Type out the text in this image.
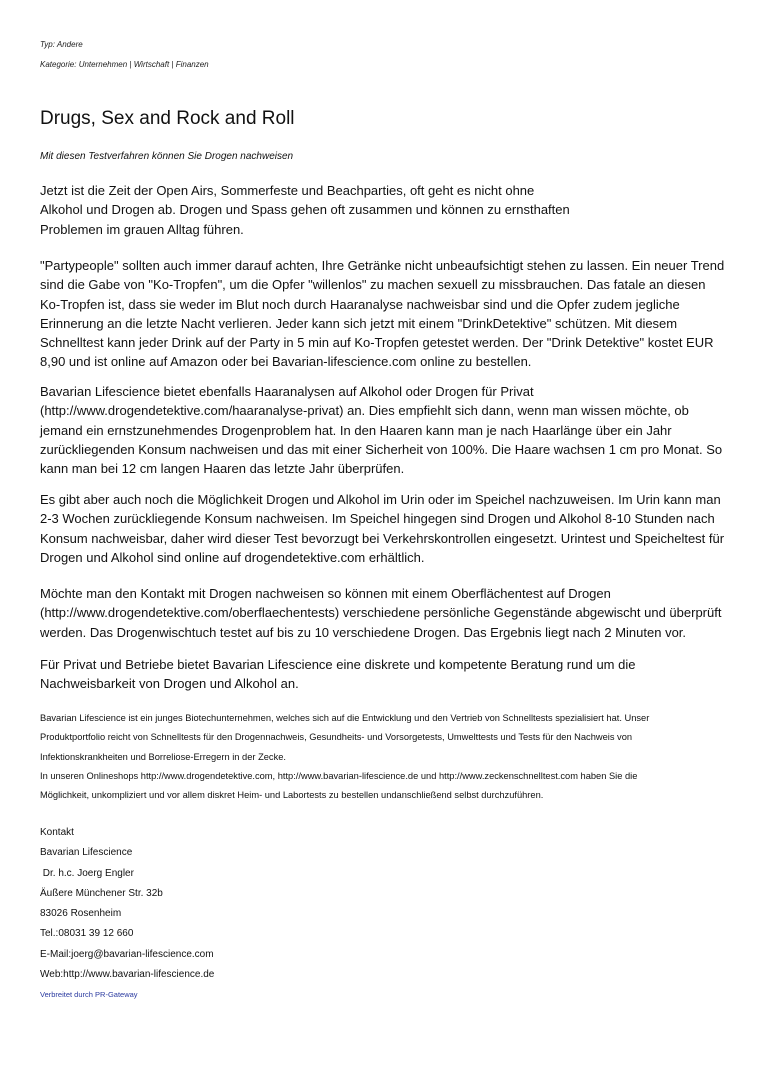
Typ: Andere
Kategorie: Unternehmen | Wirtschaft | Finanzen
Drugs, Sex and Rock and Roll
Mit diesen Testverfahren können Sie Drogen nachweisen
Jetzt ist die Zeit der Open Airs, Sommerfeste und Beachparties, oft geht es nicht ohne
Alkohol und Drogen ab. Drogen und Spass gehen oft zusammen und können zu ernsthaften
Problemen im grauen Alltag führen.
"Partypeople" sollten auch immer darauf achten, Ihre Getränke nicht unbeaufsichtigt stehen zu lassen. Ein neuer Trend
sind die Gabe von "Ko-Tropfen", um die Opfer "willenlos" zu machen sexuell zu missbrauchen. Das fatale an diesen
Ko-Tropfen ist, dass sie weder im Blut noch durch Haaranalyse nachweisbar sind und die Opfer zudem jegliche
Erinnerung an die letzte Nacht verlieren. Jeder kann sich jetzt mit einem "DrinkDetektive" schützen. Mit diesem
Schnelltest kann jeder Drink auf der Party in 5 min auf Ko-Tropfen getestet werden. Der "Drink Detektive" kostet EUR
8,90 und ist online auf Amazon oder bei Bavarian-lifescience.com online zu bestellen.
Bavarian Lifescience bietet ebenfalls Haaranalysen auf Alkohol oder Drogen für Privat
(http://www.drogendetektive.com/haaranalyse-privat) an. Dies empfiehlt sich dann, wenn man wissen möchte, ob
jemand ein ernstzunehmendes Drogenproblem hat. In den Haaren kann man je nach Haarlänge über ein Jahr
zurückliegenden Konsum nachweisen und das mit einer Sicherheit von 100%. Die Haare wachsen 1 cm pro Monat. So
kann man bei 12 cm langen Haaren das letzte Jahr überprüfen.
Es gibt aber auch noch die Möglichkeit Drogen und Alkohol im Urin oder im Speichel nachzuweisen. Im Urin kann man
2-3 Wochen zurückliegende Konsum nachweisen. Im Speichel hingegen sind Drogen und Alkohol 8-10 Stunden nach
Konsum nachweisbar, daher wird dieser Test bevorzugt bei Verkehrskontrollen eingesetzt. Urintest und Speicheltest für
Drogen und Alkohol sind online auf drogendetektive.com erhältlich.
Möchte man den Kontakt mit Drogen nachweisen so können mit einem Oberflächentest auf Drogen
(http://www.drogendetektive.com/oberflaechentests) verschiedene persönliche Gegenstände abgewischt und überprüft
werden. Das Drogenwischtuch testet auf bis zu 10 verschiedene Drogen. Das Ergebnis liegt nach 2 Minuten vor.
Für Privat und Betriebe bietet Bavarian Lifescience eine diskrete und kompetente Beratung rund um die
Nachweisbarkeit von Drogen und Alkohol an.
Bavarian Lifescience ist ein junges Biotechunternehmen, welches sich auf die Entwicklung und den Vertrieb von Schnelltests spezialisiert hat. Unser
Produktportfolio reicht von Schnelltests für den Drogennachweis, Gesundheits- und Vorsorgetests, Umwelttests und Tests für den Nachweis von
Infektionskrankheiten und Borreliose-Erregern in der Zecke.
In unseren Onlineshops http://www.drogendetektive.com, http://www.bavarian-lifescience.de und http://www.zeckenschnelltest.com haben Sie die
Möglichkeit, unkompliziert und vor allem diskret Heim- und Labortests zu bestellen undanschließend selbst durchzuführen.
Kontakt
Bavarian Lifescience
Dr. h.c. Joerg Engler
Äußere Münchener Str. 32b
83026 Rosenheim
Tel.:08031 39 12 660
E-Mail:joerg@bavarian-lifescience.com
Web:http://www.bavarian-lifescience.de
Verbreitet durch PR-Gateway
